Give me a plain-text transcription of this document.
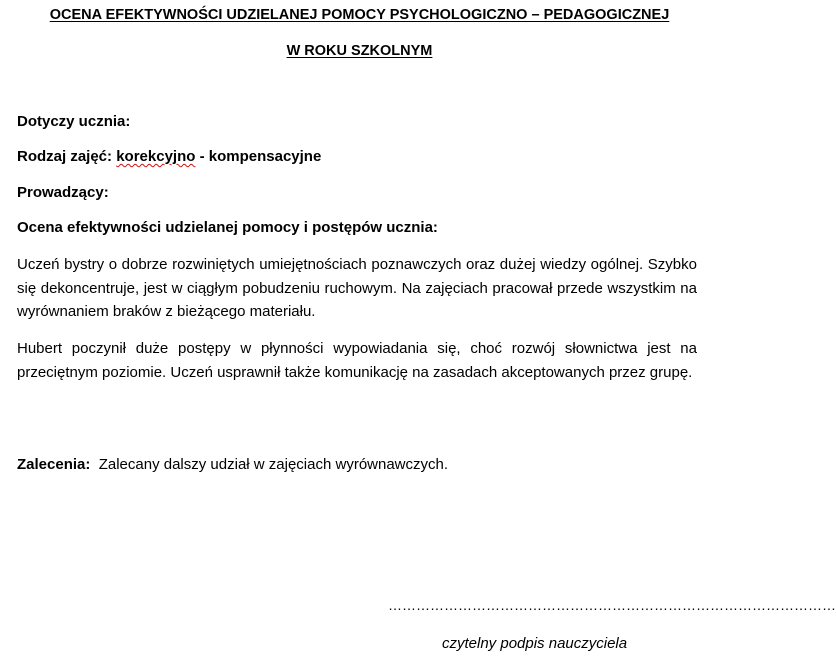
OCENA EFEKTYWNOŚCI UDZIELANEJ POMOCY PSYCHOLOGICZNO – PEDAGOGICZNEJ
W ROKU SZKOLNYM
Dotyczy ucznia:
Rodzaj zajęć: korekcyjno - kompensacyjne
Prowadzący:
Ocena efektywności udzielanej pomocy i postępów ucznia:
Uczeń bystry o dobrze rozwiniętych umiejętnościach poznawczych oraz dużej wiedzy ogólnej. Szybko się dekoncentruje, jest w ciągłym pobudzeniu ruchowym. Na zajęciach pracował przede wszystkim na wyrównaniem braków z bieżącego materiału.
Hubert poczynił duże postępy w płynności wypowiadania się, choć rozwój słownictwa jest na przeciętnym poziomie. Uczeń usprawnił także komunikację na zasadach akceptowanych przez grupę.
Zalecenia: Zalecany dalszy udział w zajęciach wyrównawczych.
……………………………………………………………………………………
czytelny podpis nauczyciela
